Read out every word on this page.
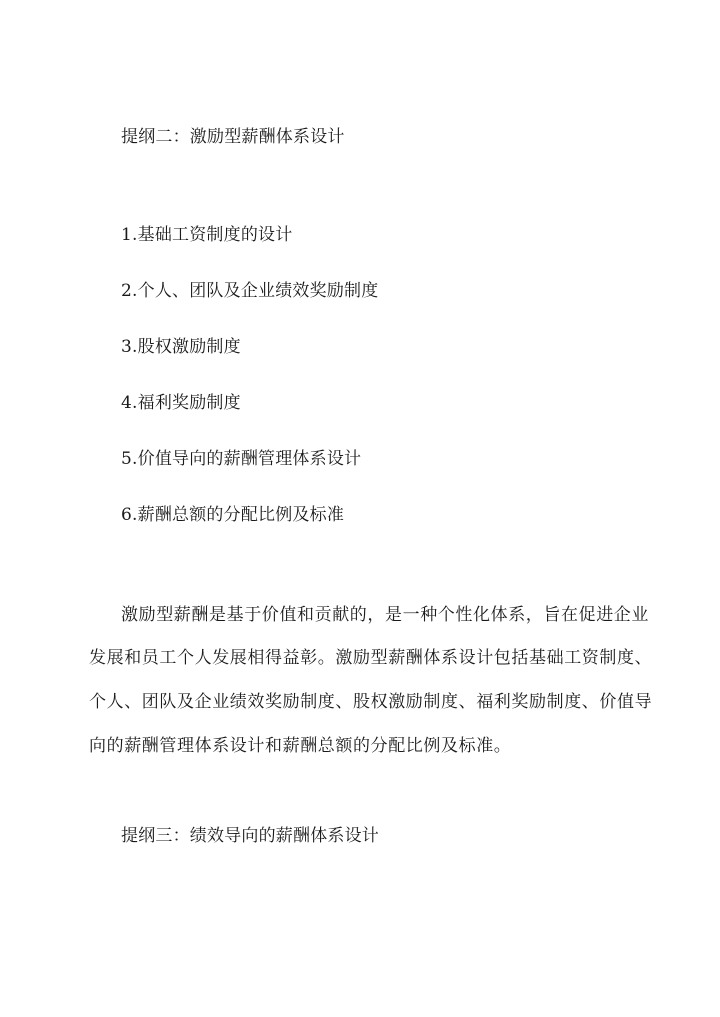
提纲二：激励型薪酬体系设计
1.基础工资制度的设计
2.个人、团队及企业绩效奖励制度
3.股权激励制度
4.福利奖励制度
5.价值导向的薪酬管理体系设计
6.薪酬总额的分配比例及标准
激励型薪酬是基于价值和贡献的，是一种个性化体系，旨在促进企业
发展和员工个人发展相得益彰。激励型薪酬体系设计包括基础工资制度、
个人、团队及企业绩效奖励制度、股权激励制度、福利奖励制度、价值导
向的薪酬管理体系设计和薪酬总额的分配比例及标准。
提纲三：绩效导向的薪酬体系设计
